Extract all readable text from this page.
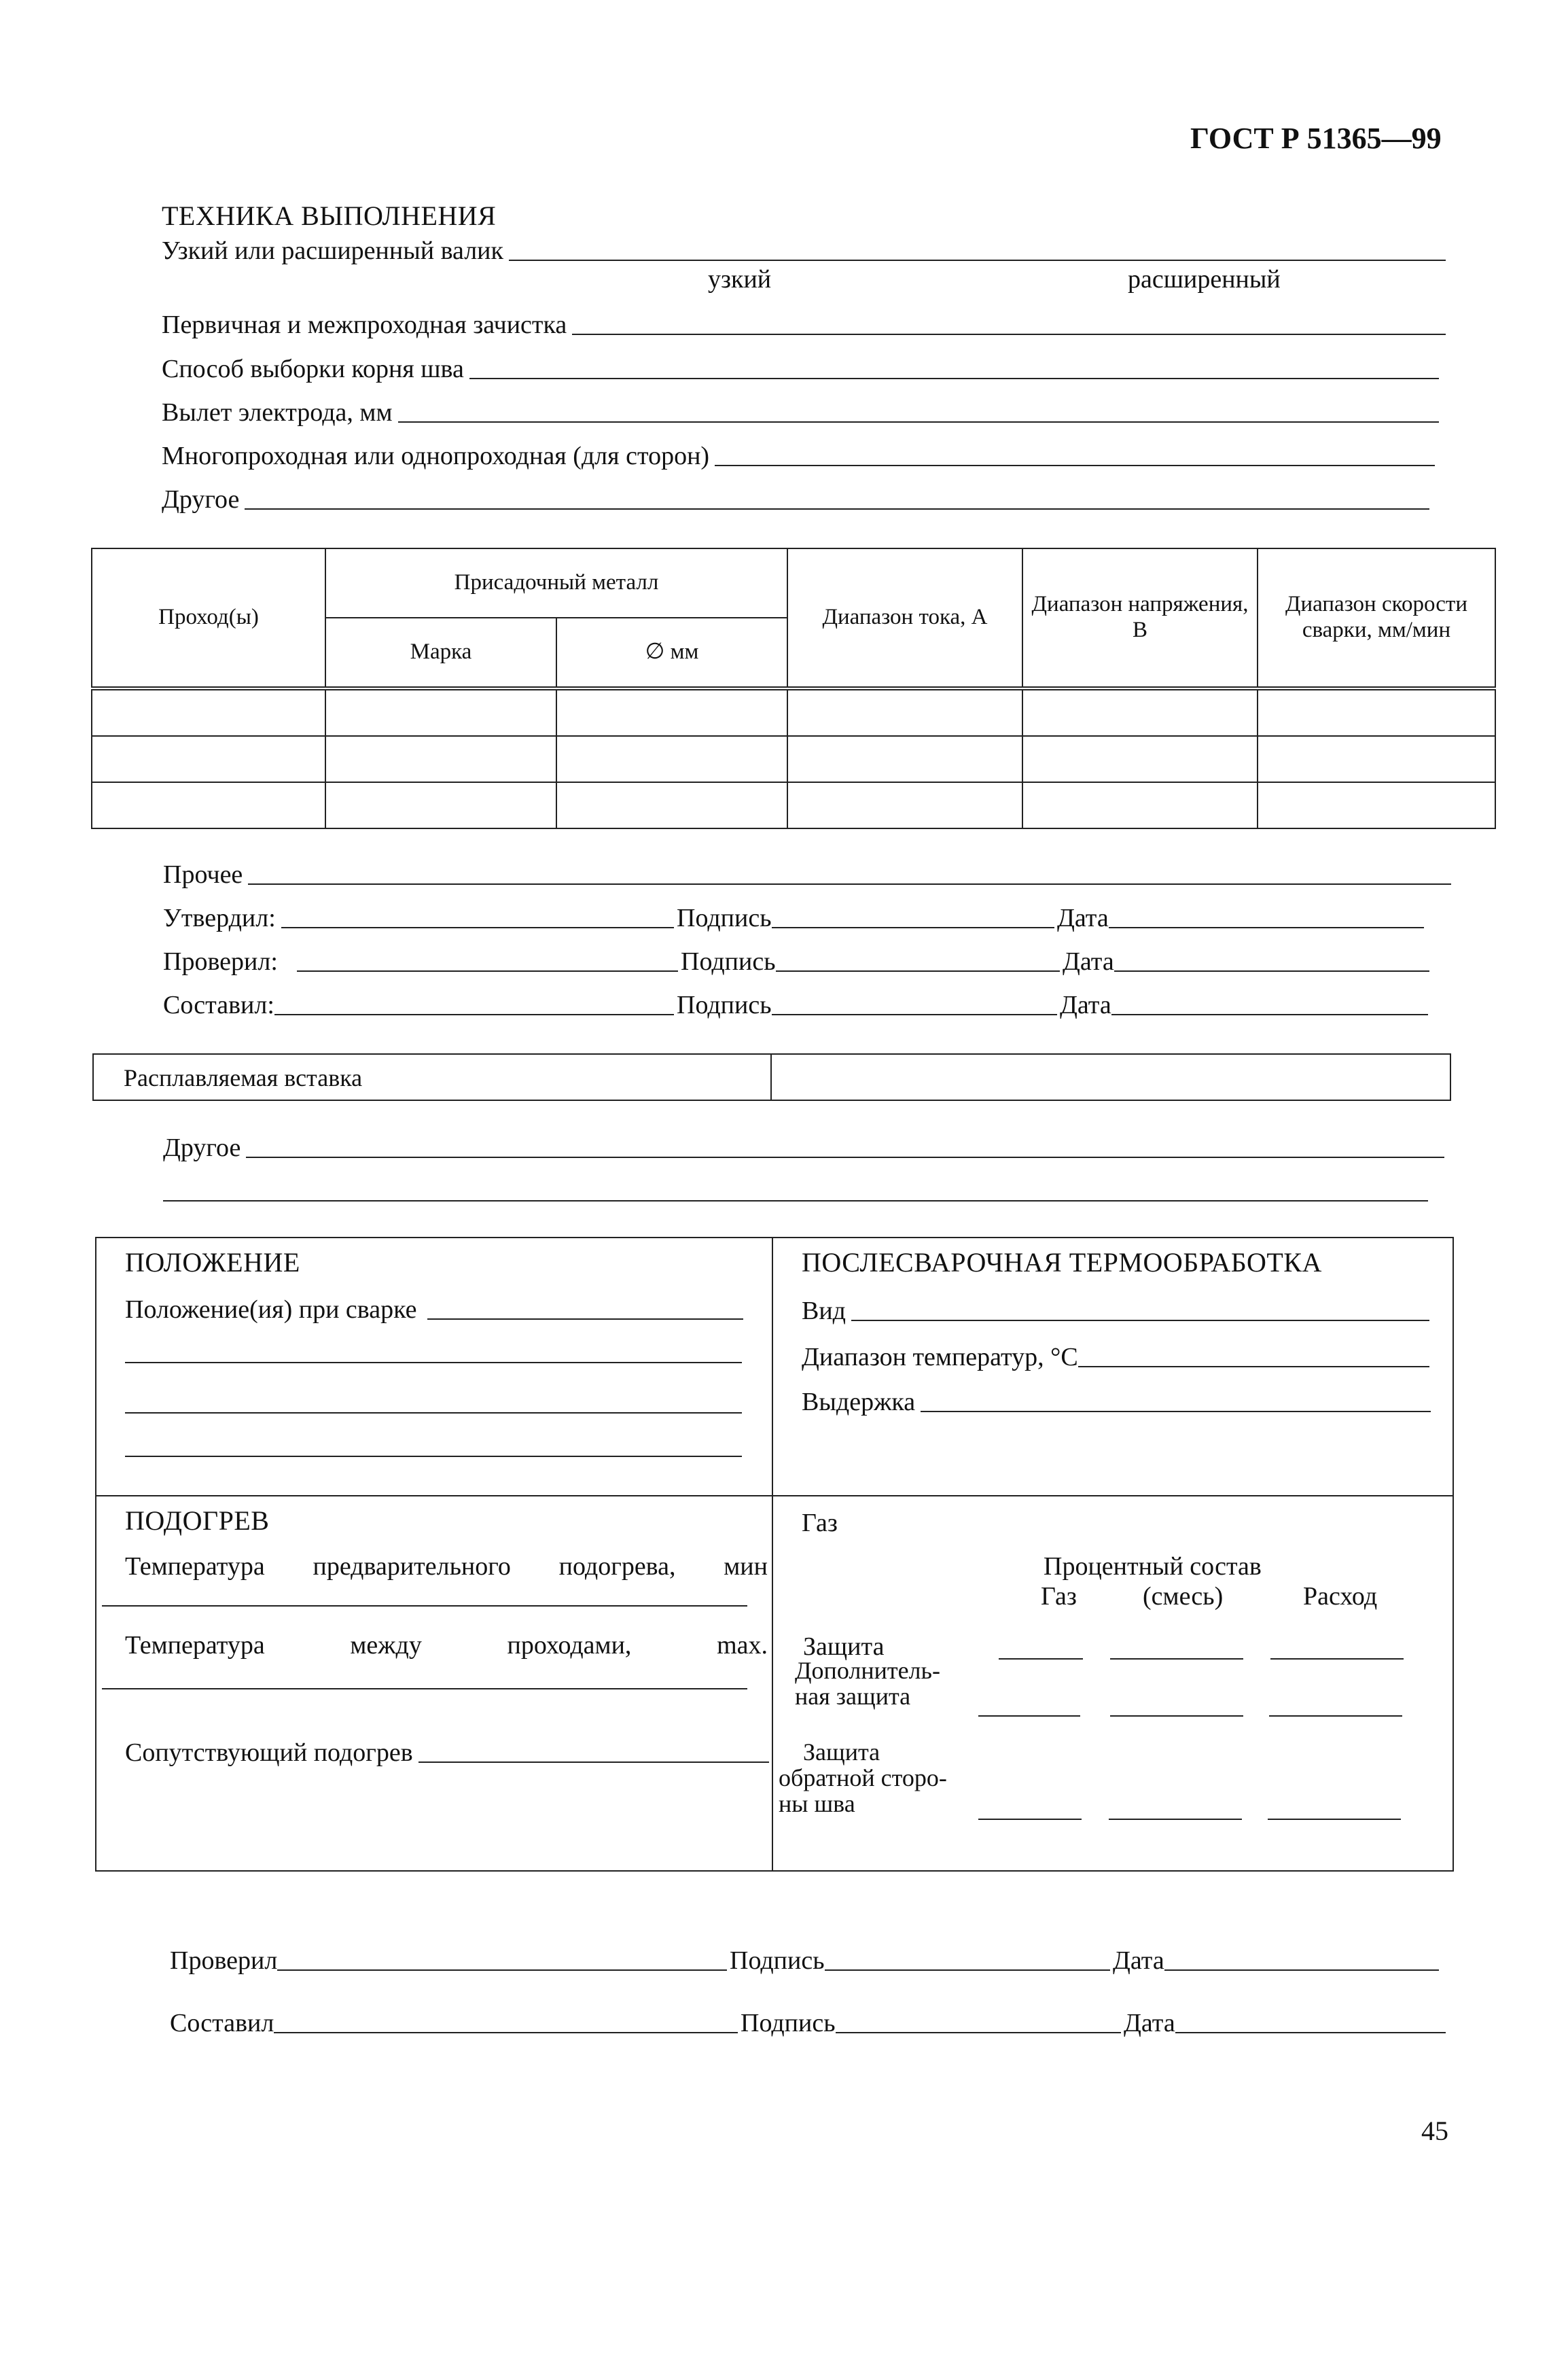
ГОСТ Р 51365—99
ТЕХНИКА ВЫПОЛНЕНИЯ
Узкий или расширенный валик
узкий	расширенный
Первичная и межпроходная зачистка
Способ выборки корня шва
Вылет электрода, мм
Многопроходная или однопроходная (для сторон)
Другое
Проход(ы)	Присадочный металл		Диапазон тока, А	Диапазон напряжения, В	Диапазон скорости сварки, мм/мин
	Марка	∅ мм			

Прочее
Утвердил:	Подпись	Дата
Проверил:	Подпись	Дата
Составил:	Подпись	Дата
Расплавляемая вставка
Другое
ПОЛОЖЕНИЕ
Положение(ия) при сварке
ПОСЛЕСВАРОЧНАЯ ТЕРМООБРАБОТКА
Вид
Диапазон температур, °С
Выдержка
ПОДОГРЕВ
Температура предварительного подогрева, мин
Температура	между	проходами,	max.
Сопутствующий подогрев
Газ
Процентный состав
Газ	(смесь)	Расход
Защита
Дополнитель-
ная защита
Защита
обратной сторо-
ны шва
Проверил	Подпись	Дата
Составил	Подпись	Дата
45
